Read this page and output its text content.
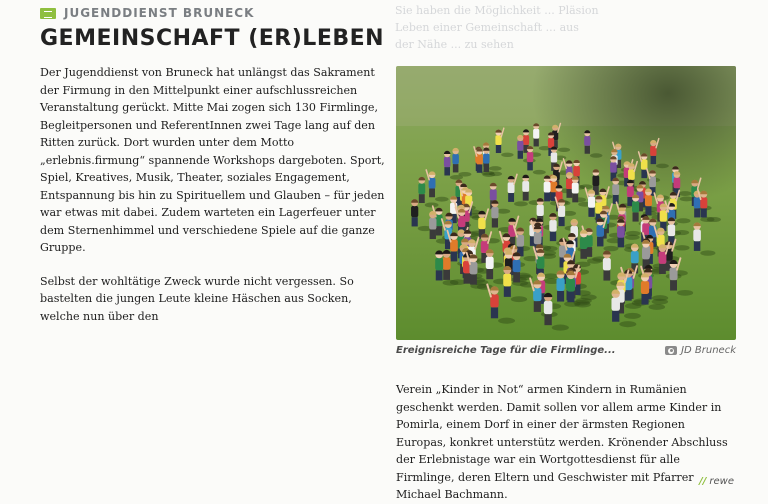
Sie haben die Möglichkeit ... Pläsion
Leben einer Gemeinschaft ... aus
der Nähe ... zu sehen
JUGENDDIENST BRUNECK
GEMEINSCHAFT (ER)LEBEN

Der Jugenddienst von Bruneck hat unlängst das Sakrament der Firmung in den Mittelpunkt einer aufschlussreichen Veranstaltung gerückt. Mitte Mai zogen sich 130 Firmlinge, Begleitpersonen und ReferentInnen zwei Tage lang auf den Ritten zurück. Dort wurden unter dem Motto „erlebnis.firmung“ spannende Workshops dargeboten. Sport, Spiel, Kreatives, Musik, Theater, soziales Engagement, Entspannung bis hin zu Spirituellem und Glauben – für jeden war etwas mit dabei. Zudem warteten ein Lagerfeuer unter dem Sternenhimmel und verschiedene Spiele auf die ganze Gruppe.

Selbst der wohltätige Zweck wurde nicht vergessen. So bastelten die jungen Leute kleine Häschen aus Socken, welche nun über den

Ereignisreiche Tage für die Firmlinge...	JD Bruneck

Verein „Kinder in Not“ armen Kindern in Rumänien geschenkt werden. Damit sollen vor allem arme Kinder in Pomirla, einem Dorf in einer der ärmsten Regionen Europas, konkret unterstütz werden. Krönender Abschluss der Erlebnistage war ein Wortgottesdienst für alle Firmlinge, deren Eltern und Geschwister mit Pfarrer Michael Bachmann.

// rewe
